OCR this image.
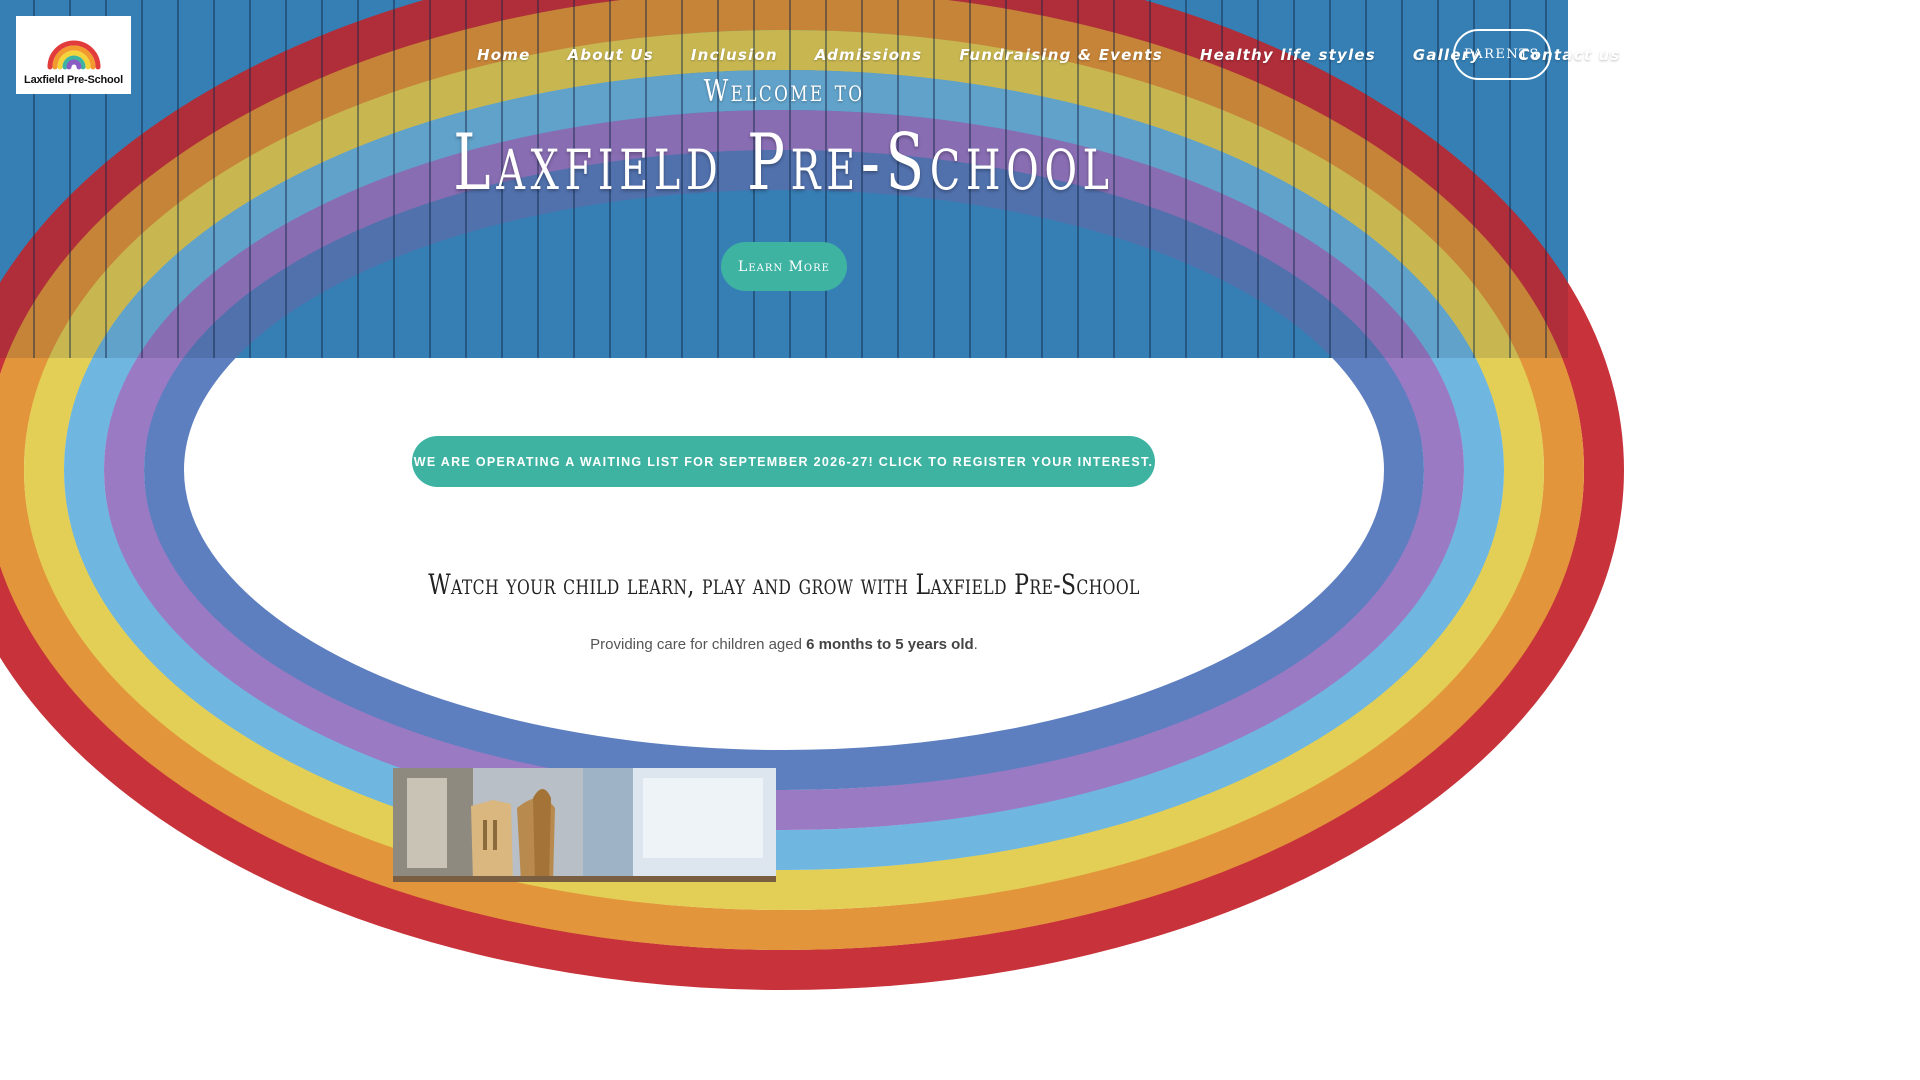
Laxfield Pre-School
Home About Us Inclusion Admissions Fundraising & Events Healthy life styles Gallery Contact us
PARENTS
Welcome to
Laxfield Pre-School
Learn More
WE ARE OPERATING A WAITING LIST FOR SEPTEMBER 2026-27! CLICK TO REGISTER YOUR INTEREST.
Watch your child learn, play and grow with Laxfield Pre-School
Providing care for children aged 6 months to 5 years old.
